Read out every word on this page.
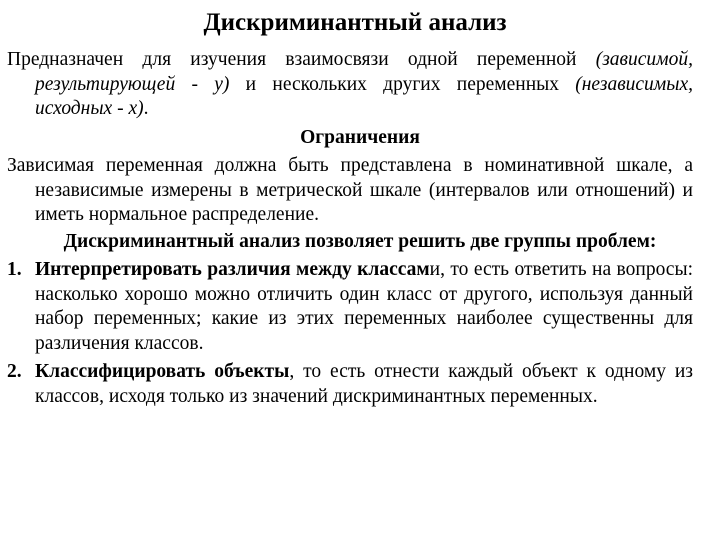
Дискриминантный анализ

Предназначен для изучения взаимосвязи одной переменной (зависимой, результирующей - y) и нескольких других переменных (независимых, исходных - x).

Ограничения

Зависимая переменная должна быть представлена в номинативной шкале, а независимые измерены в метрической шкале (интервалов или отношений) и иметь нормальное распределение.

Дискриминантный анализ позволяет решить две группы проблем:
1. Интерпретировать различия между классами, то есть ответить на вопросы: насколько хорошо можно отличить один класс от другого, используя данный набор переменных; какие из этих переменных наиболее существенны для различения классов.
2. Классифицировать объекты, то есть отнести каждый объект к одному из классов, исходя только из значений дискриминантных переменных.
